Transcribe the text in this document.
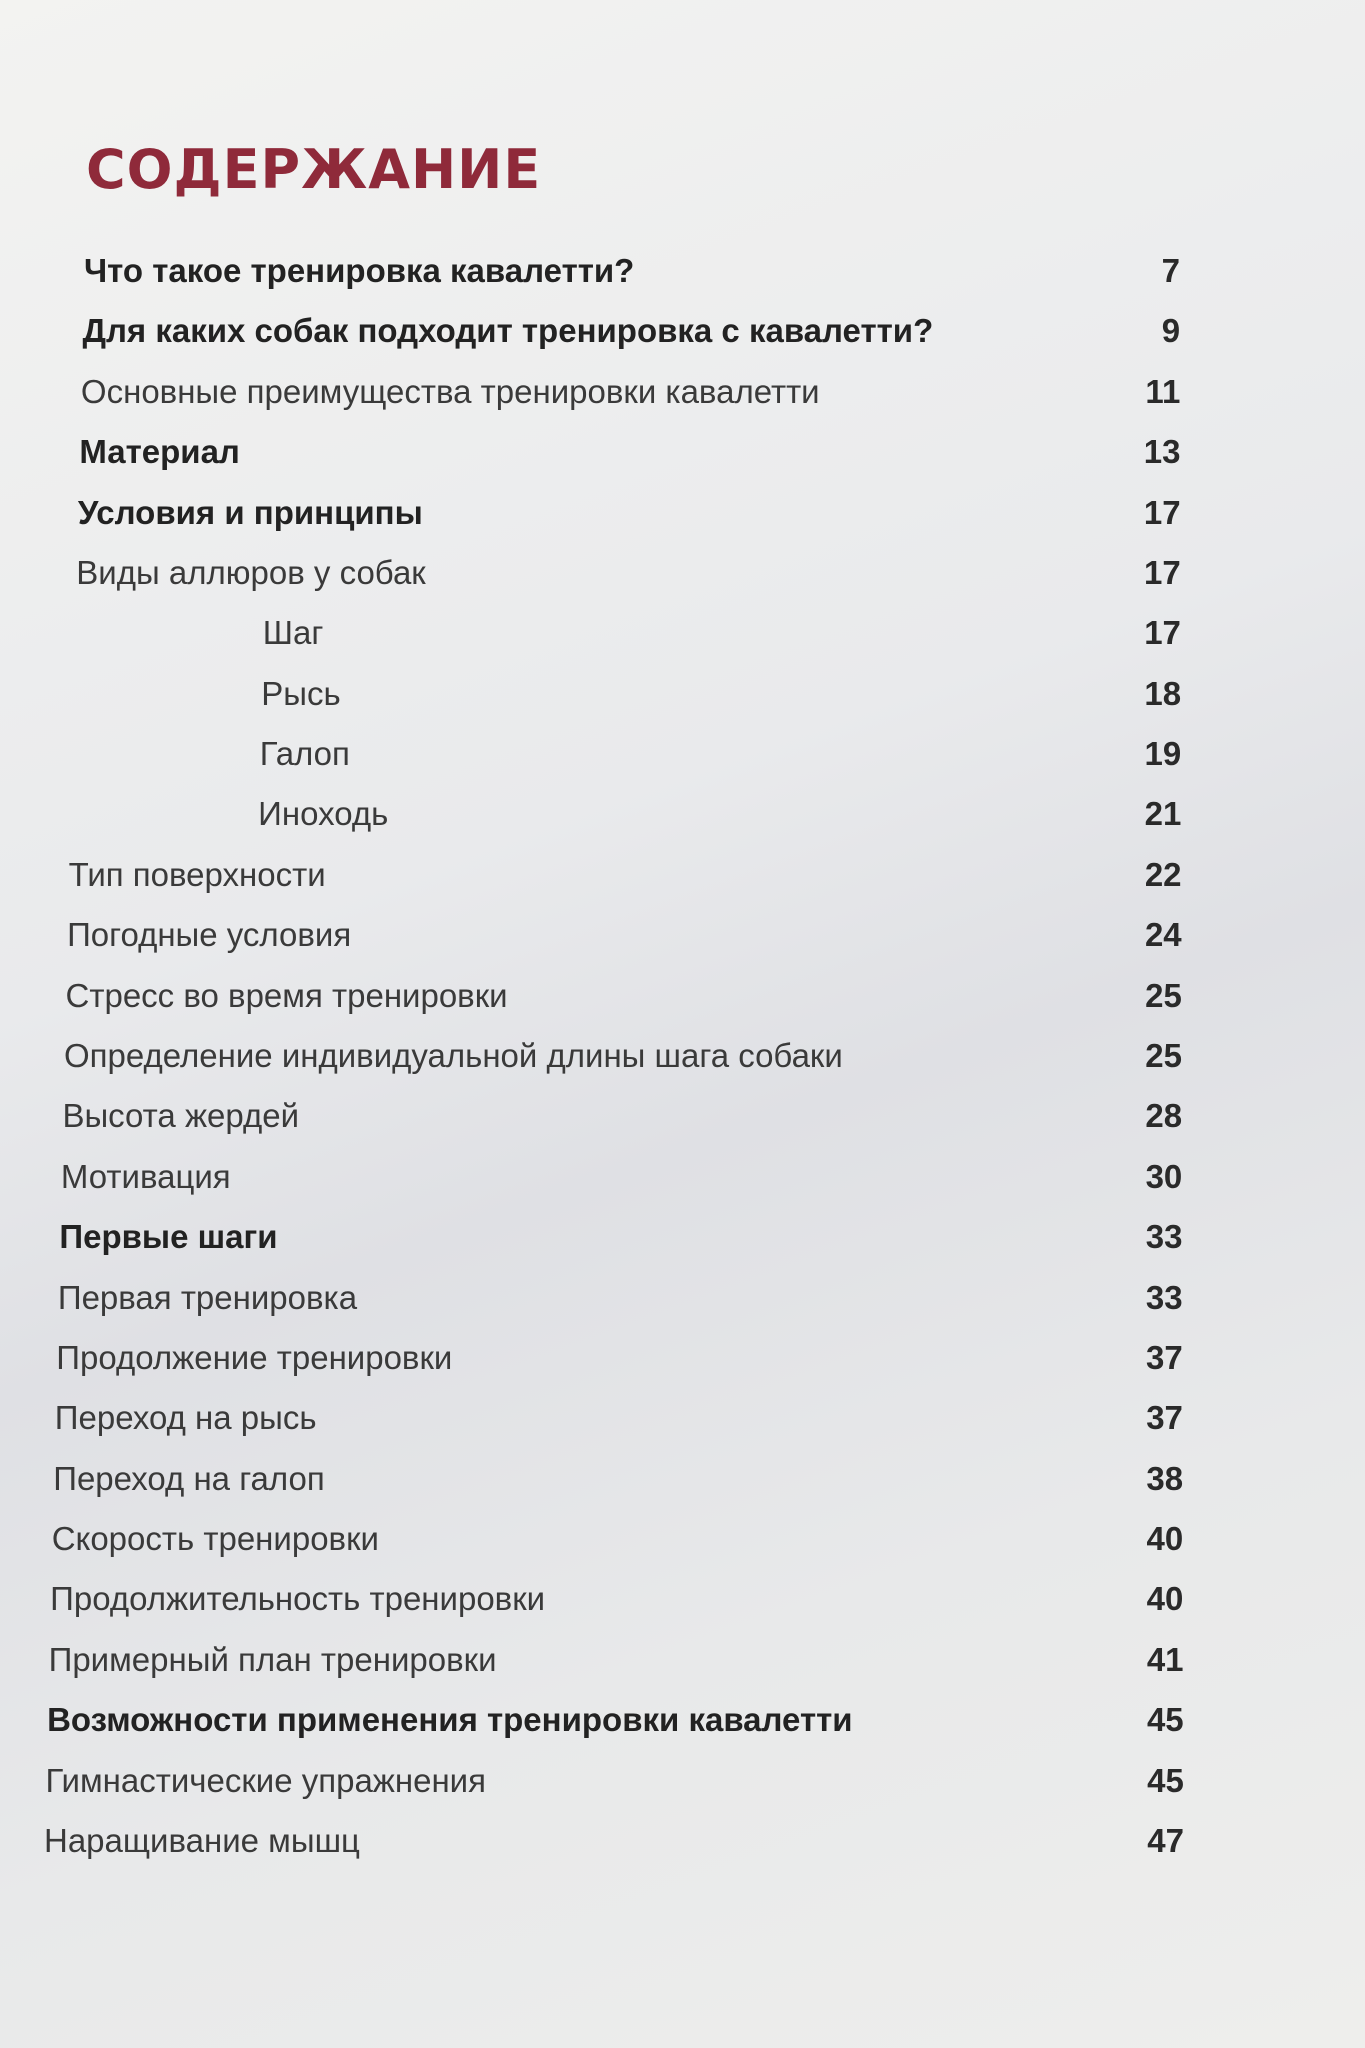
СОДЕРЖАНИЕ
Что такое тренировка кавалетти?	7
Для каких собак подходит тренировка с кавалетти?	9
Основные преимущества тренировки кавалетти	11
Материал	13
Условия и принципы	17
Виды аллюров у собак	17
Шаг	17
Рысь	18
Галоп	19
Иноходь	21
Тип поверхности	22
Погодные условия	24
Стресс во время тренировки	25
Определение индивидуальной длины шага собаки	25
Высота жердей	28
Мотивация	30
Первые шаги	33
Первая тренировка	33
Продолжение тренировки	37
Переход на рысь	37
Переход на галоп	38
Скорость тренировки	40
Продолжительность тренировки	40
Примерный план тренировки	41
Возможности применения тренировки кавалетти	45
Гимнастические упражнения	45
Наращивание мышц	47
